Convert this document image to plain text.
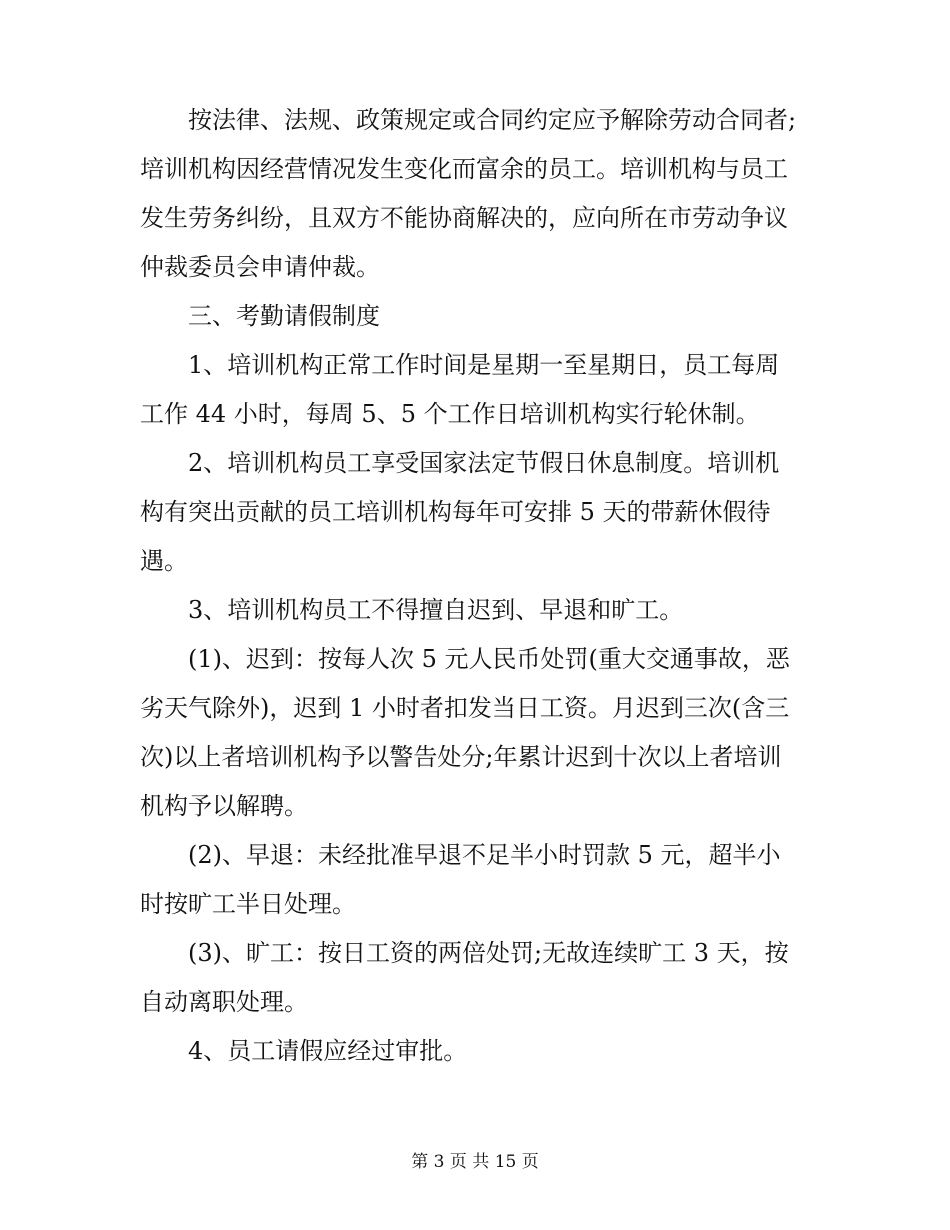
按法律、法规、政策规定或合同约定应予解除劳动合同者;
培训机构因经营情况发生变化而富余的员工。培训机构与员工
发生劳务纠纷，且双方不能协商解决的，应向所在市劳动争议
仲裁委员会申请仲裁。
三、考勤请假制度
1、培训机构正常工作时间是星期一至星期日，员工每周
工作 44 小时，每周 5、5 个工作日培训机构实行轮休制。
2、培训机构员工享受国家法定节假日休息制度。培训机
构有突出贡献的员工培训机构每年可安排 5 天的带薪休假待
遇。
3、培训机构员工不得擅自迟到、早退和旷工。
(1)、迟到：按每人次 5 元人民币处罚(重大交通事故，恶
劣天气除外)，迟到 1 小时者扣发当日工资。月迟到三次(含三
次)以上者培训机构予以警告处分;年累计迟到十次以上者培训
机构予以解聘。
(2)、早退：未经批准早退不足半小时罚款 5 元，超半小
时按旷工半日处理。
(3)、旷工：按日工资的两倍处罚;无故连续旷工 3 天，按
自动离职处理。
4、员工请假应经过审批。
第 3 页 共 15 页
